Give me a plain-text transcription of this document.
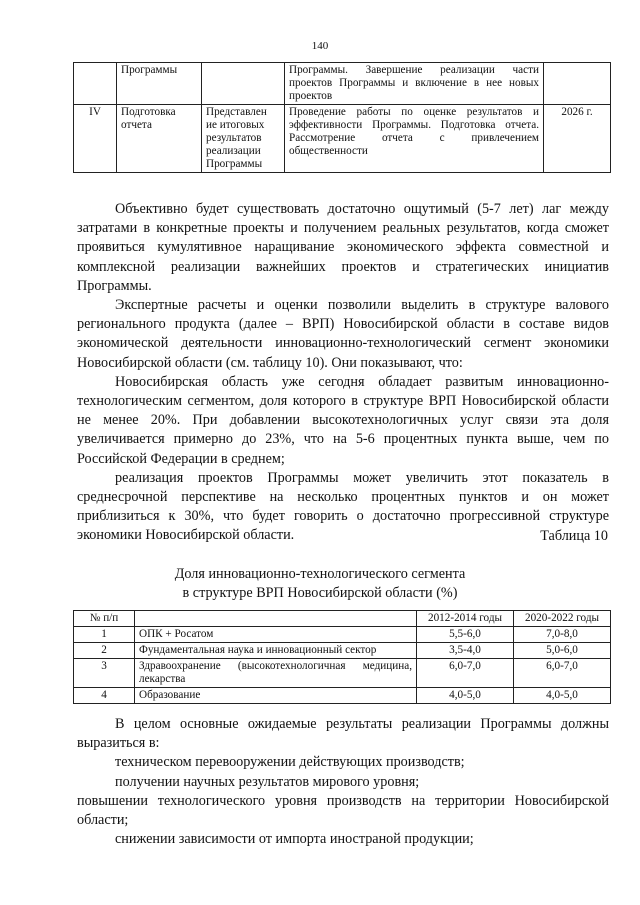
140
	Программы		Программы. Завершение реализации части проектов Программы и включение в нее новых проектов	
IV	Подготовка отчета	Представлен ие итоговых результатов реализации Программы	Проведение работы по оценке результатов и эффективности Программы. Подготовка отчета. Рассмотрение отчета с привлечением общественности	2026 г.

Объективно будет существовать достаточно ощутимый (5-7 лет) лаг между затратами в конкретные проекты и получением реальных результатов, когда сможет проявиться кумулятивное наращивание экономического эффекта совместной и комплексной реализации важнейших проектов и стратегических инициатив Программы.

Экспертные расчеты и оценки позволили выделить в структуре валового регионального продукта (далее – ВРП) Новосибирской области в составе видов экономической деятельности инновационно-технологический сегмент экономики Новосибирской области (см. таблицу 10). Они показывают, что:

Новосибирская область уже сегодня обладает развитым инновационно-технологическим сегментом, доля которого в структуре ВРП Новосибирской области не менее 20%. При добавлении высокотехнологичных услуг связи эта доля увеличивается примерно до 23%, что на 5-6 процентных пункта выше, чем по Российской Федерации в среднем;

реализация проектов Программы может увеличить этот показатель в среднесрочной перспективе на несколько процентных пунктов и он может приблизиться к 30%, что будет говорить о достаточно прогрессивной структуре экономики Новосибирской области.	Таблица 10
Доля инновационно-технологического сегмента
в структуре ВРП Новосибирской области (%)
№ п/п		2012-2014 годы	2020-2022 годы
1	ОПК + Росатом	5,5-6,0	7,0-8,0
2	Фундаментальная наука и инновационный сектор	3,5-4,0	5,0-6,0
3	Здравоохранение (высокотехнологичная медицина, лекарства	6,0-7,0	6,0-7,0
4	Образование	4,0-5,0	4,0-5,0

В целом основные ожидаемые результаты реализации Программы должны выразиться в:

техническом перевооружении действующих производств;

получении научных результатов мирового уровня;

повышении технологического уровня производств на территории Новосибирской области;

снижении зависимости от импорта иностраной продукции;
